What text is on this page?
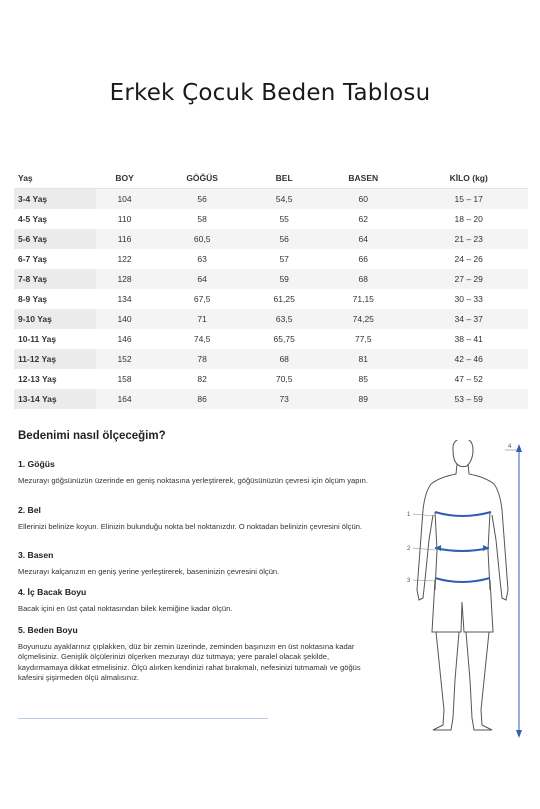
Erkek Çocuk Beden Tablosu
Yaş	BOY	GÖĞÜS	BEL	BASEN	KİLO (kg)
3-4 Yaş	104	56	54,5	60	15 – 17
4-5 Yaş	110	58	55	62	18 – 20
5-6 Yaş	116	60,5	56	64	21 – 23
6-7 Yaş	122	63	57	66	24 – 26
7-8 Yaş	128	64	59	68	27 – 29
8-9 Yaş	134	67,5	61,25	71,15	30 – 33
9-10 Yaş	140	71	63,5	74,25	34 – 37
10-11 Yaş	146	74,5	65,75	77,5	38 – 41
11-12 Yaş	152	78	68	81	42 – 46
12-13 Yaş	158	82	70,5	85	47 – 52
13-14 Yaş	164	86	73	89	53 – 59
Bedenimi nasıl ölçeceğim?
1. Göğüs

Mezurayı göğsünüzün üzerinde en geniş noktasına yerleştirerek, göğüsünüzün çevresi için ölçüm yapın.

2. Bel

Ellerinizi belinize koyun. Elinizin bulunduğu nokta bel noktanızdır. O noktadan belinizin çevresini ölçün.

3. Basen

Mezurayı kalçanızın en geniş yerine yerleştirerek, baseninizin çevresini ölçün.

4. İç Bacak Boyu

Bacak içini en üst çatal noktasından bilek kemiğine kadar ölçün.

5. Beden Boyu

Boyunuzu ayaklarınız çıplakken, düz bir zemin üzerinde, zeminden başınızın en üst noktasına kadar ölçmelisiniz. Genişlik ölçülerinizi ölçerken mezurayı düz tutmaya; yere paralel olacak şekilde, kaydırmamaya dikkat etmelisiniz. Ölçü alırken kendinizi rahat bırakmalı, nefesinizi tutmamalı ve göğüs kafesini şişirmeden ölçü almalısınız.

1
2
3
4
